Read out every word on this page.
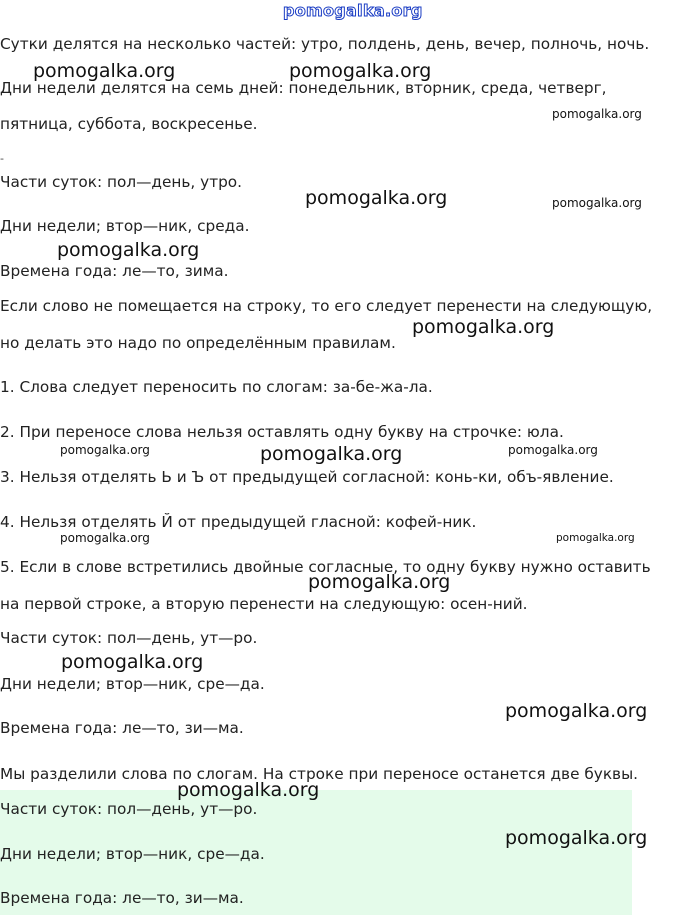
pomogalka.org

Сутки делятся на несколько частей: утро, полдень, день, вечер, полночь, ночь.

Дни недели делятся на семь дней: понедельник, вторник, среда, четверг,

пятница, суббота, воскресенье.

-

Части суток: пол—день, утро.

Дни недели; втор—ник, среда.

Времена года: ле—то, зима.

Если слово не помещается на строку, то его следует перенести на следующую,

но делать это надо по определённым правилам.

1. Слова следует переносить по слогам: за-бе-жа-ла.

2. При переносе слова нельзя оставлять одну букву на строчке: юла.

3. Нельзя отделять Ь и Ъ от предыдущей согласной: конь-ки, объ-явление.

4. Нельзя отделять Й от предыдущей гласной: кофей-ник.

5. Если в слове встретились двойные согласные, то одну букву нужно оставить

на первой строке, а вторую перенести на следующую: осен-ний.

Части суток: пол—день, ут—ро.

Дни недели; втор—ник, сре—да.

Времена года: ле—то, зи—ма.

Мы разделили слова по слогам. На строке при переносе останется две буквы.

Части суток: пол—день, ут—ро.

Дни недели; втор—ник, сре—да.

Времена года: ле—то, зи—ма.

pomogalka.org	pomogalka.org
pomogalka.org
pomogalka.org	pomogalka.org
pomogalka.org
pomogalka.org
pomogalka.org	pomogalka.org
pomogalka.org
pomogalka.org	pomogalka.org
pomogalka.org
pomogalka.org
pomogalka.org
pomogalka.org
pomogalka.org
